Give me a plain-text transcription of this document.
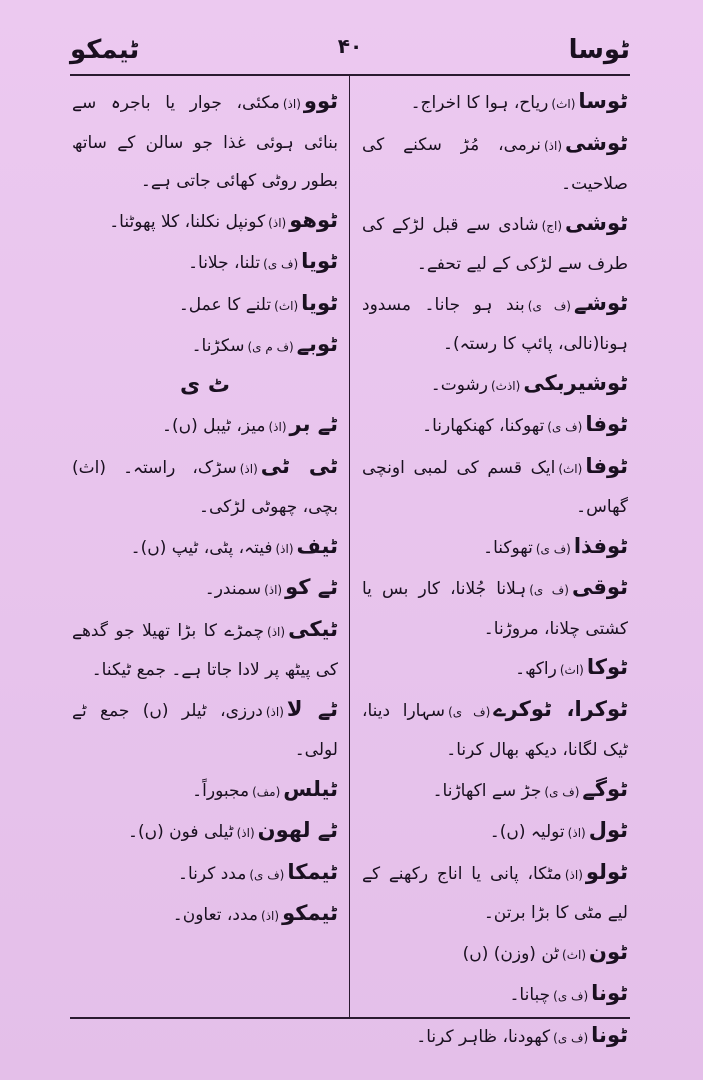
ٹوسا
۴۰
ٹیمکو

ٹوسا(اث)ریاح، ہوا کا اخراج۔

ٹوشی(اذ)نرمی، مُڑ سکنے کی صلاحیت۔

ٹوشی(اج)شادی سے قبل لڑکے کی طرف سے لڑکی کے لیے تحفے۔

ٹوشے(ف ی)بند ہو جانا۔ مسدود ہونا(نالی، پائپ کا رستہ)۔

ٹوشیربکی(اذث)رشوت۔

ٹوفا(ف ی)تھوکنا، کھنکھارنا۔

ٹوفا(اث)ایک قسم کی لمبی اونچی گھاس۔

ٹوفذا(ف ی)تھوکنا۔

ٹوقی(ف ی)ہلانا جُلانا، کار بس یا کشتی چلانا، مروڑنا۔

ٹوکا(اث)راکھ۔

ٹوکرا، ٹوکرے(ف ی)سہارا دینا، ٹیک لگانا، دیکھ بھال کرنا۔

ٹوگے(ف ی)جڑ سے اکھاڑنا۔

ٹول(اذ)تولیہ (ں)۔

ٹولو(اذ)مٹکا، پانی یا اناج رکھنے کے لیے مٹی کا بڑا برتن۔

ٹون(اث)ٹن (وزن) (ں)

ٹونا(ف ی)چبانا۔

ٹونا(ف ی)کھودنا، ظاہر کرنا۔

ٹوو(اذ)مکئی، جوار یا باجرہ سے بنائی ہوئی غذا جو سالن کے ساتھ بطور روٹی کھائی جاتی ہے۔

ٹوھو(اذ)کونپل نکلنا، کلا پھوٹنا۔

ٹویا(ف ی)تلنا، جلانا۔

ٹویا(اث)تلنے کا عمل۔

ٹوبے(ف م ی)سکڑنا۔

ٹ ی

ٹے بر(اذ)میز، ٹیبل (ں)۔

ٹی ٹی(اذ)سڑک، راستہ۔ (اث) بچی، چھوٹی لڑکی۔

ٹیف(اذ)فیتہ، پٹی، ٹیپ (ں)۔

ٹے کو(اذ)سمندر۔

ٹیکی(اذ)چمڑے کا بڑا تھیلا جو گدھے کی پیٹھ پر لادا جاتا ہے۔ جمع ٹیکنا۔

ٹے لا(اذ)درزی، ٹیلر (ں) جمع ٹے لولی۔

ٹیلس(مف)مجبوراً۔

ٹے لھون(اذ)ٹیلی فون (ں)۔

ٹیمکا(ف ی)مدد کرنا۔

ٹیمکو(اذ)مدد، تعاون۔
